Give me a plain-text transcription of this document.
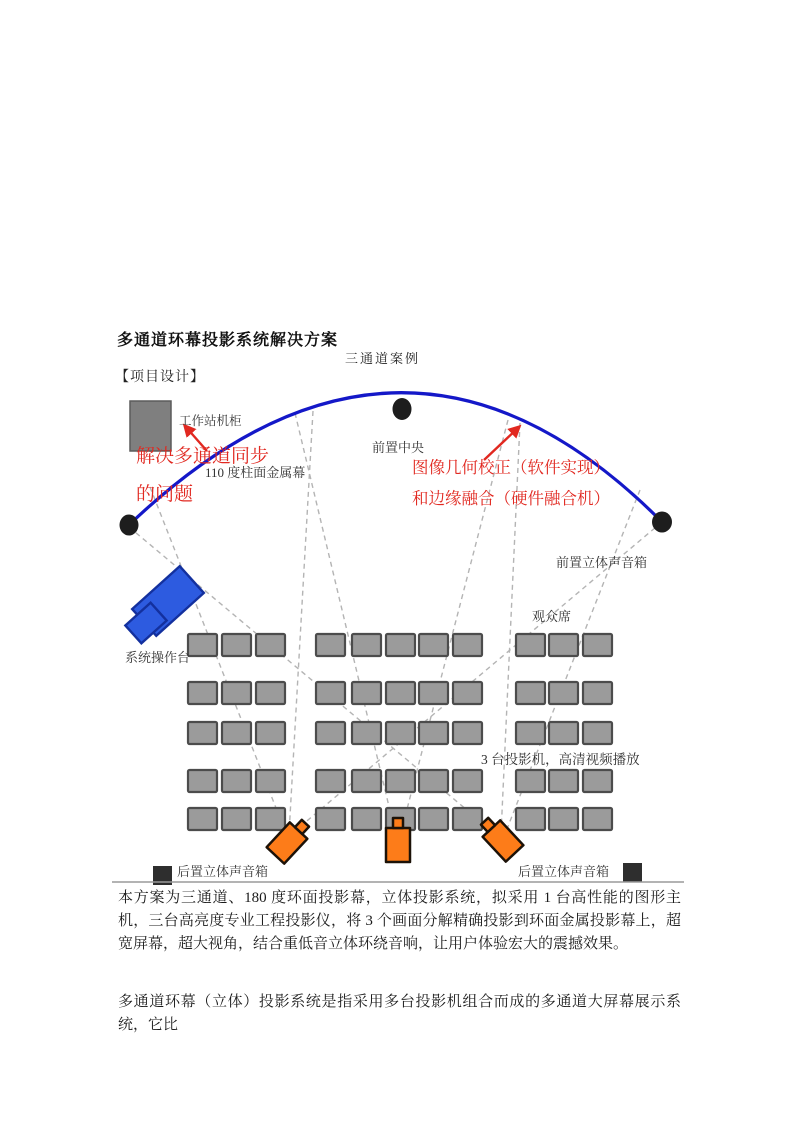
多通道环幕投影系统解决方案
三通道案例
【项目设计】
工作站机柜
解决多通道同步
的问题
110 度柱面金属幕
前置中央
图像几何校正（软件实现）
和边缘融合（硬件融合机）
前置立体声音箱
观众席
系统操作台
3 台投影机，高清视频播放
后置立体声音箱	后置立体声音箱
本方案为三通道、180 度环面投影幕，立体投影系统，拟采用 1 台高性能的图形主机，三台高亮度专业工程投影仪，将 3 个画面分解精确投影到环面金属投影幕上，超宽屏幕，超大视角，结合重低音立体环绕音响，让用户体验宏大的震撼效果。
多通道环幕（立体）投影系统是指采用多台投影机组合而成的多通道大屏幕展示系统，它比
